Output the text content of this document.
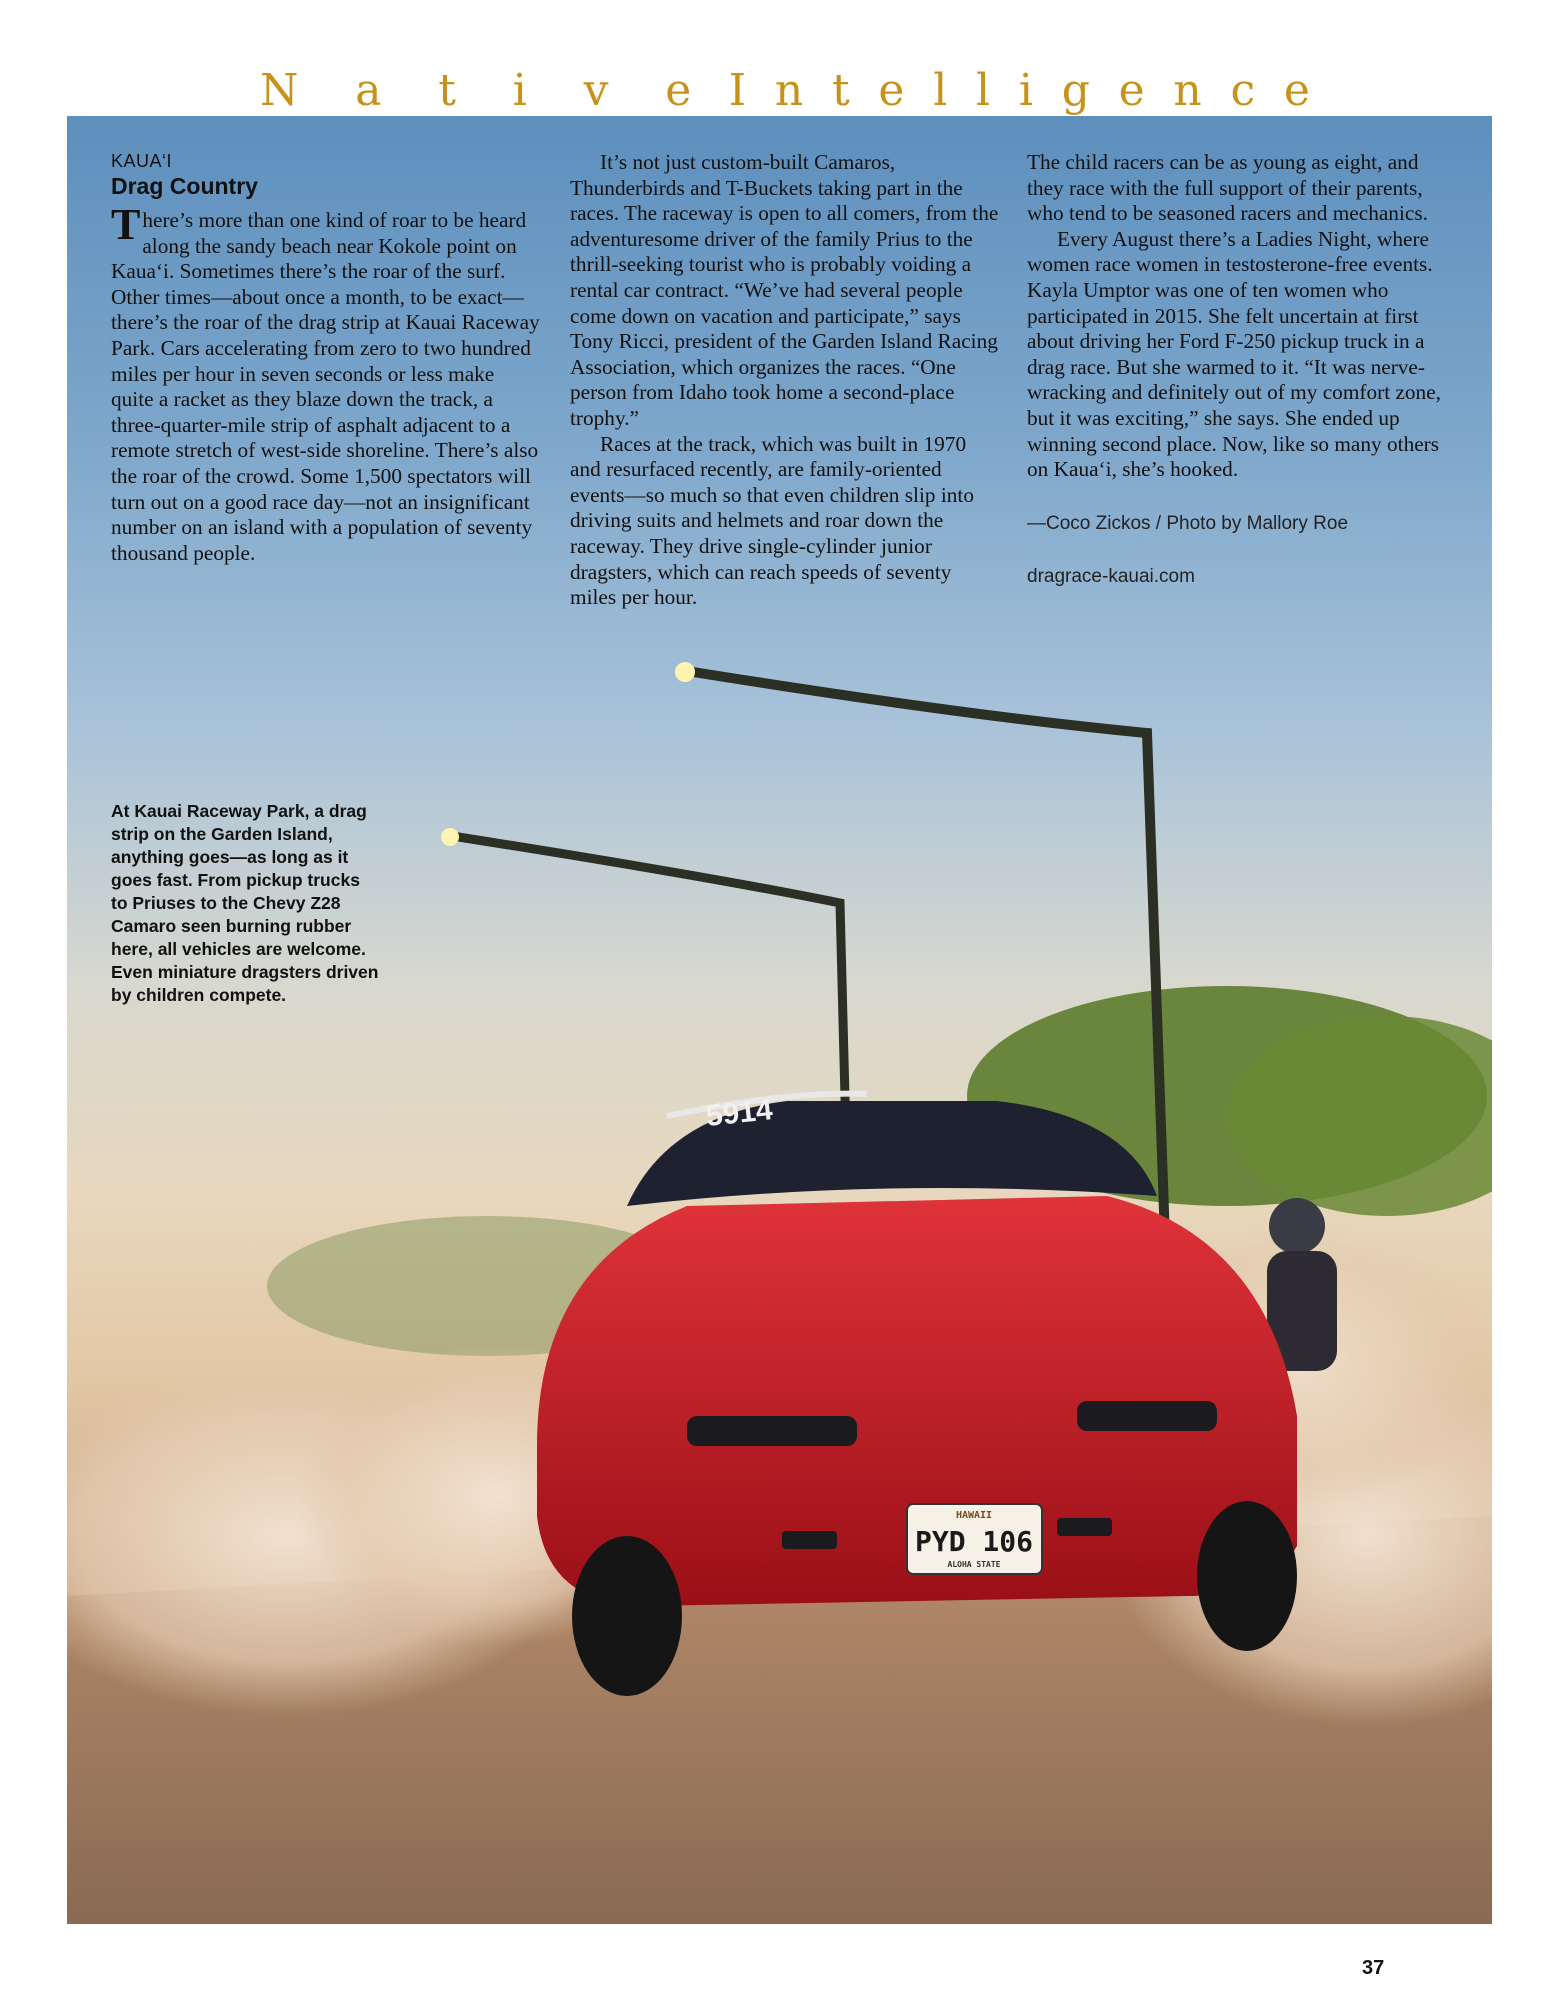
N a t i v e I n t e l l i g e n c e
HAWAII
PYD 106
ALOHA STATE
5914
KAUA‘I
Drag Country

There’s more than one kind of roar to be heard along the sandy beach near Kokole point on Kaua‘i. Sometimes there’s the roar of the surf. Other times—about once a month, to be exact—there’s the roar of the drag strip at Kauai Raceway Park. Cars accelerating from zero to two hundred miles per hour in seven seconds or less make quite a racket as they blaze down the track, a three-quarter-mile strip of asphalt adjacent to a remote stretch of west-side shoreline. There’s also the roar of the crowd. Some 1,500 spectators will turn out on a good race day—not an insignificant number on an island with a population of seventy thousand people.

It’s not just custom-built Camaros, Thunderbirds and T-Buckets taking part in the races. The raceway is open to all comers, from the adventuresome driver of the family Prius to the thrill-seeking tourist who is probably voiding a rental car contract. “We’ve had several people come down on vacation and participate,” says Tony Ricci, president of the Garden Island Racing Association, which organizes the races. “One person from Idaho took home a second-place trophy.”

Races at the track, which was built in 1970 and resurfaced recently, are family-oriented events—so much so that even children slip into driving suits and helmets and roar down the raceway. They drive single-cylinder junior dragsters, which can reach speeds of seventy miles per hour.

The child racers can be as young as eight, and they race with the full support of their parents, who tend to be seasoned racers and mechanics.

Every August there’s a Ladies Night, where women race women in testosterone-free events. Kayla Umptor was one of ten women who participated in 2015. She felt uncertain at first about driving her Ford F-250 pickup truck in a drag race. But she warmed to it. “It was nerve-wracking and definitely out of my comfort zone, but it was exciting,” she says. She ended up winning second place. Now, like so many others on Kaua‘i, she’s hooked.

—Coco Zickos / Photo by Mallory Roe
dragrace-kauai.com
At Kauai Raceway Park, a drag strip on the Garden Island, anything goes—as long as it goes fast. From pickup trucks to Priuses to the Chevy Z28 Camaro seen burning rubber here, all vehicles are welcome. Even miniature dragsters driven by children compete.
37
